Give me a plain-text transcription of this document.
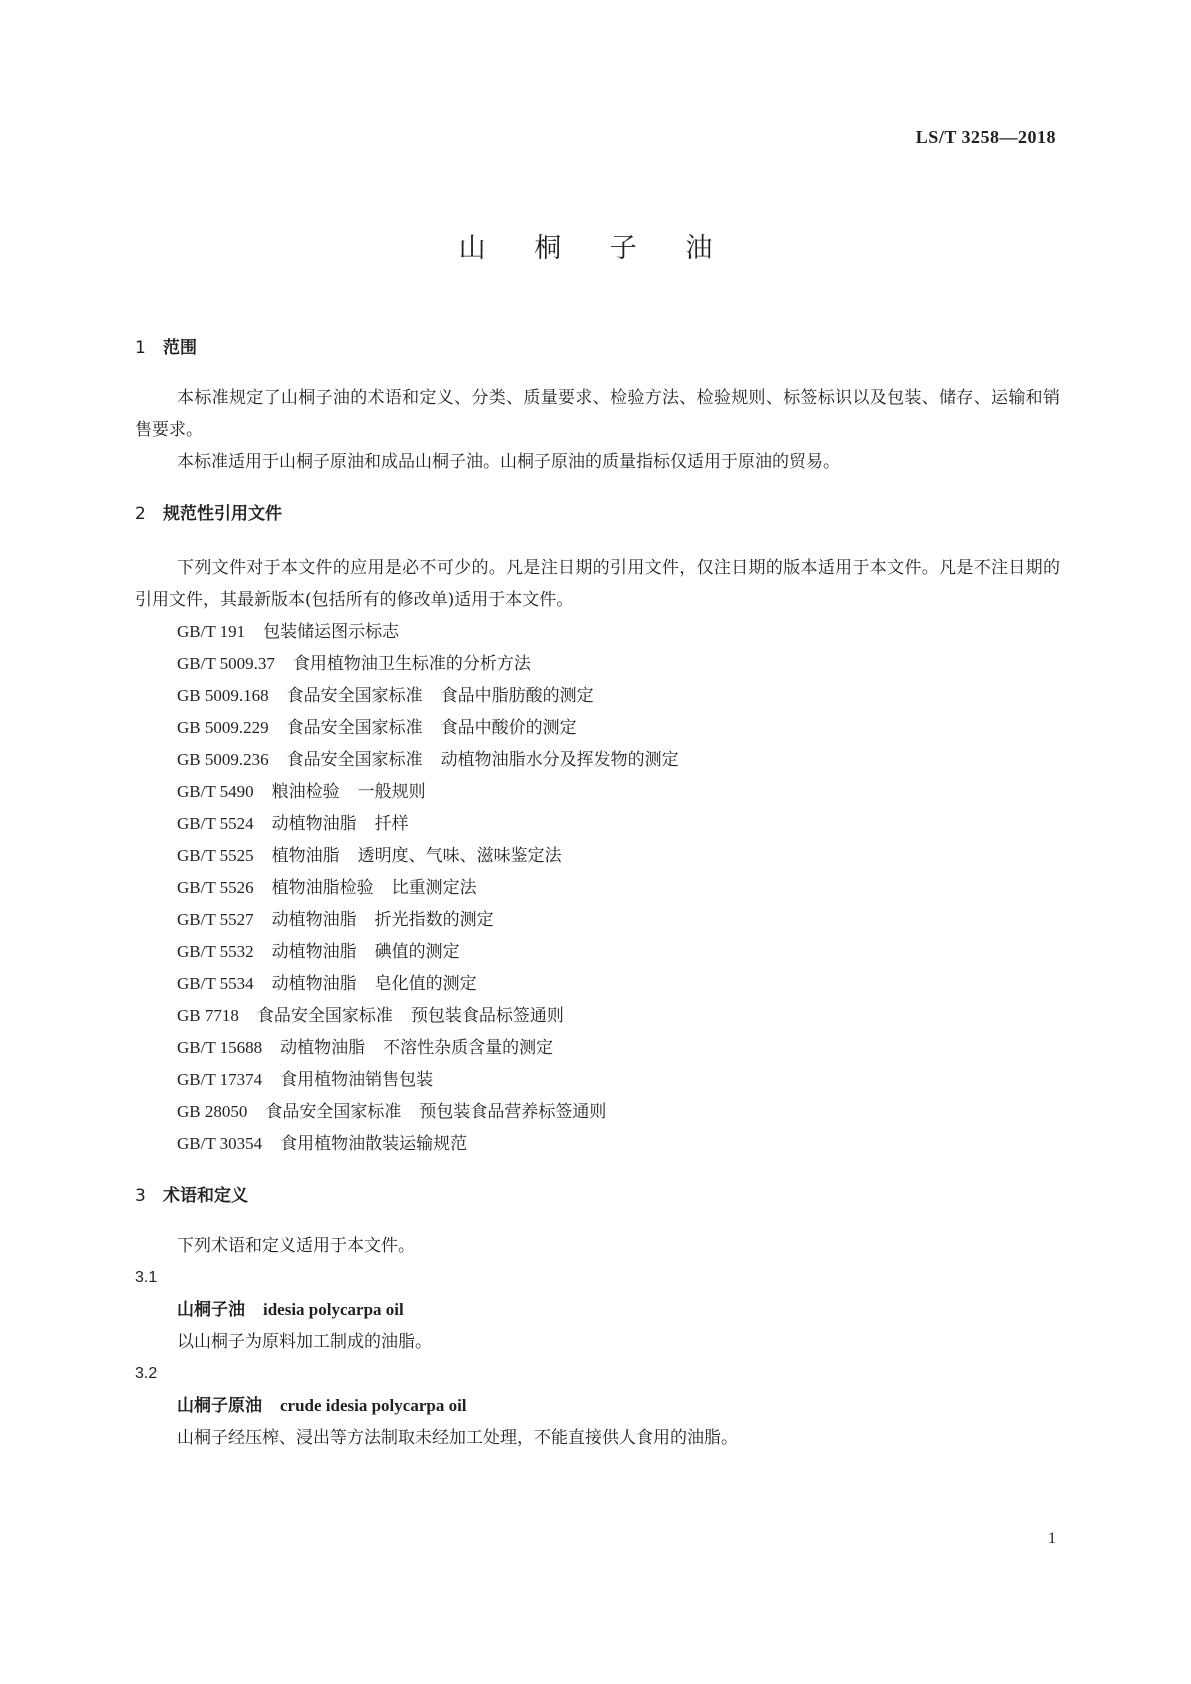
LS/T 3258—2018
山 桐 子 油
1 范围

本标准规定了山桐子油的术语和定义、分类、质量要求、检验方法、检验规则、标签标识以及包装、储存、运输和销售要求。

本标准适用于山桐子原油和成品山桐子油。山桐子原油的质量指标仅适用于原油的贸易。

2 规范性引用文件

下列文件对于本文件的应用是必不可少的。凡是注日期的引用文件，仅注日期的版本适用于本文件。凡是不注日期的引用文件，其最新版本(包括所有的修改单)适用于本文件。

GB/T 191 包装储运图示标志
GB/T 5009.37 食用植物油卫生标准的分析方法
GB 5009.168 食品安全国家标准 食品中脂肪酸的测定
GB 5009.229 食品安全国家标准 食品中酸价的测定
GB 5009.236 食品安全国家标准 动植物油脂水分及挥发物的测定
GB/T 5490 粮油检验 一般规则
GB/T 5524 动植物油脂 扦样
GB/T 5525 植物油脂 透明度、气味、滋味鉴定法
GB/T 5526 植物油脂检验 比重测定法
GB/T 5527 动植物油脂 折光指数的测定
GB/T 5532 动植物油脂 碘值的测定
GB/T 5534 动植物油脂 皂化值的测定
GB 7718 食品安全国家标准 预包装食品标签通则
GB/T 15688 动植物油脂 不溶性杂质含量的测定
GB/T 17374 食用植物油销售包装
GB 28050 食品安全国家标准 预包装食品营养标签通则
GB/T 30354 食用植物油散装运输规范
3 术语和定义

下列术语和定义适用于本文件。

3.1
山桐子油 idesia polycarpa oil
以山桐子为原料加工制成的油脂。
3.2
山桐子原油 crude idesia polycarpa oil
山桐子经压榨、浸出等方法制取未经加工处理，不能直接供人食用的油脂。
1
